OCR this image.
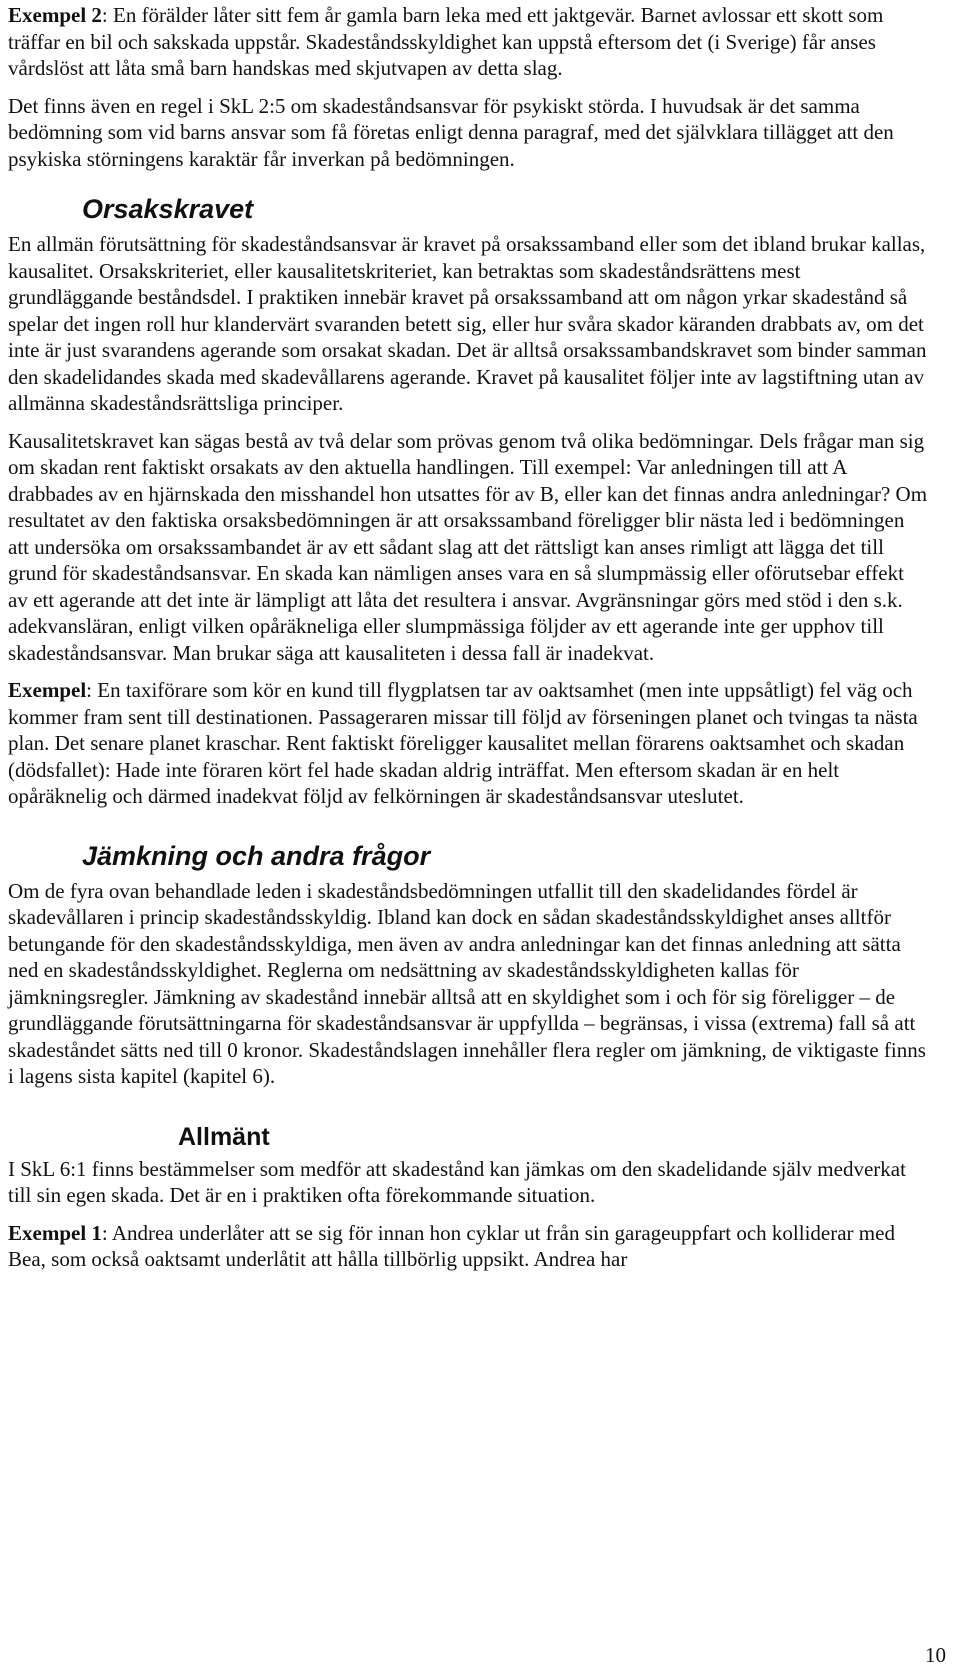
Exempel 2: En förälder låter sitt fem år gamla barn leka med ett jaktgevär. Barnet avlossar ett skott som träffar en bil och sakskada uppstår. Skadeståndsskyldighet kan uppstå eftersom det (i Sverige) får anses vårdslöst att låta små barn handskas med skjutvapen av detta slag.

Det finns även en regel i SkL 2:5 om skadeståndsansvar för psykiskt störda. I huvudsak är det samma bedömning som vid barns ansvar som få företas enligt denna paragraf, med det självklara tillägget att den psykiska störningens karaktär får inverkan på bedömningen.

Orsakskravet

En allmän förutsättning för skadeståndsansvar är kravet på orsakssamband eller som det ibland brukar kallas, kausalitet. Orsakskriteriet, eller kausalitetskriteriet, kan betraktas som skadeståndsrättens mest grundläggande beståndsdel. I praktiken innebär kravet på orsakssamband att om någon yrkar skadestånd så spelar det ingen roll hur klandervärt svaranden betett sig, eller hur svåra skador käranden drabbats av, om det inte är just svarandens agerande som orsakat skadan. Det är alltså orsakssambandskravet som binder samman den skadelidandes skada med skadevållarens agerande. Kravet på kausalitet följer inte av lagstiftning utan av allmänna skadeståndsrättsliga principer.

Kausalitetskravet kan sägas bestå av två delar som prövas genom två olika bedömningar. Dels frågar man sig om skadan rent faktiskt orsakats av den aktuella handlingen. Till exempel: Var anledningen till att A drabbades av en hjärnskada den misshandel hon utsattes för av B, eller kan det finnas andra anledningar? Om resultatet av den faktiska orsaksbedömningen är att orsakssamband föreligger blir nästa led i bedömningen att undersöka om orsakssambandet är av ett sådant slag att det rättsligt kan anses rimligt att lägga det till grund för skadeståndsansvar. En skada kan nämligen anses vara en så slumpmässig eller oförutsebar effekt av ett agerande att det inte är lämpligt att låta det resultera i ansvar. Avgränsningar görs med stöd i den s.k. adekvansläran, enligt vilken opåräkneliga eller slumpmässiga följder av ett agerande inte ger upphov till skadeståndsansvar. Man brukar säga att kausaliteten i dessa fall är inadekvat.

Exempel: En taxiförare som kör en kund till flygplatsen tar av oaktsamhet (men inte uppsåtligt) fel väg och kommer fram sent till destinationen. Passageraren missar till följd av förseningen planet och tvingas ta nästa plan. Det senare planet kraschar. Rent faktiskt föreligger kausalitet mellan förarens oaktsamhet och skadan (dödsfallet): Hade inte föraren kört fel hade skadan aldrig inträffat. Men eftersom skadan är en helt opåräknelig och därmed inadekvat följd av felkörningen är skadeståndsansvar uteslutet.

Jämkning och andra frågor

Om de fyra ovan behandlade leden i skadeståndsbedömningen utfallit till den skadelidandes fördel är skadevållaren i princip skadeståndsskyldig. Ibland kan dock en sådan skadeståndsskyldighet anses alltför betungande för den skadeståndsskyldiga, men även av andra anledningar kan det finnas anledning att sätta ned en skadeståndsskyldighet. Reglerna om nedsättning av skadeståndsskyldigheten kallas för jämkningsregler. Jämkning av skadestånd innebär alltså att en skyldighet som i och för sig föreligger – de grundläggande förutsättningarna för skadeståndsansvar är uppfyllda – begränsas, i vissa (extrema) fall så att skadeståndet sätts ned till 0 kronor. Skadeståndslagen innehåller flera regler om jämkning, de viktigaste finns i lagens sista kapitel (kapitel 6).

Allmänt

I SkL 6:1 finns bestämmelser som medför att skadestånd kan jämkas om den skadelidande själv medverkat till sin egen skada. Det är en i praktiken ofta förekommande situation.

Exempel 1: Andrea underlåter att se sig för innan hon cyklar ut från sin garageuppfart och kolliderar med Bea, som också oaktsamt underlåtit att hålla tillbörlig uppsikt. Andrea har

10
